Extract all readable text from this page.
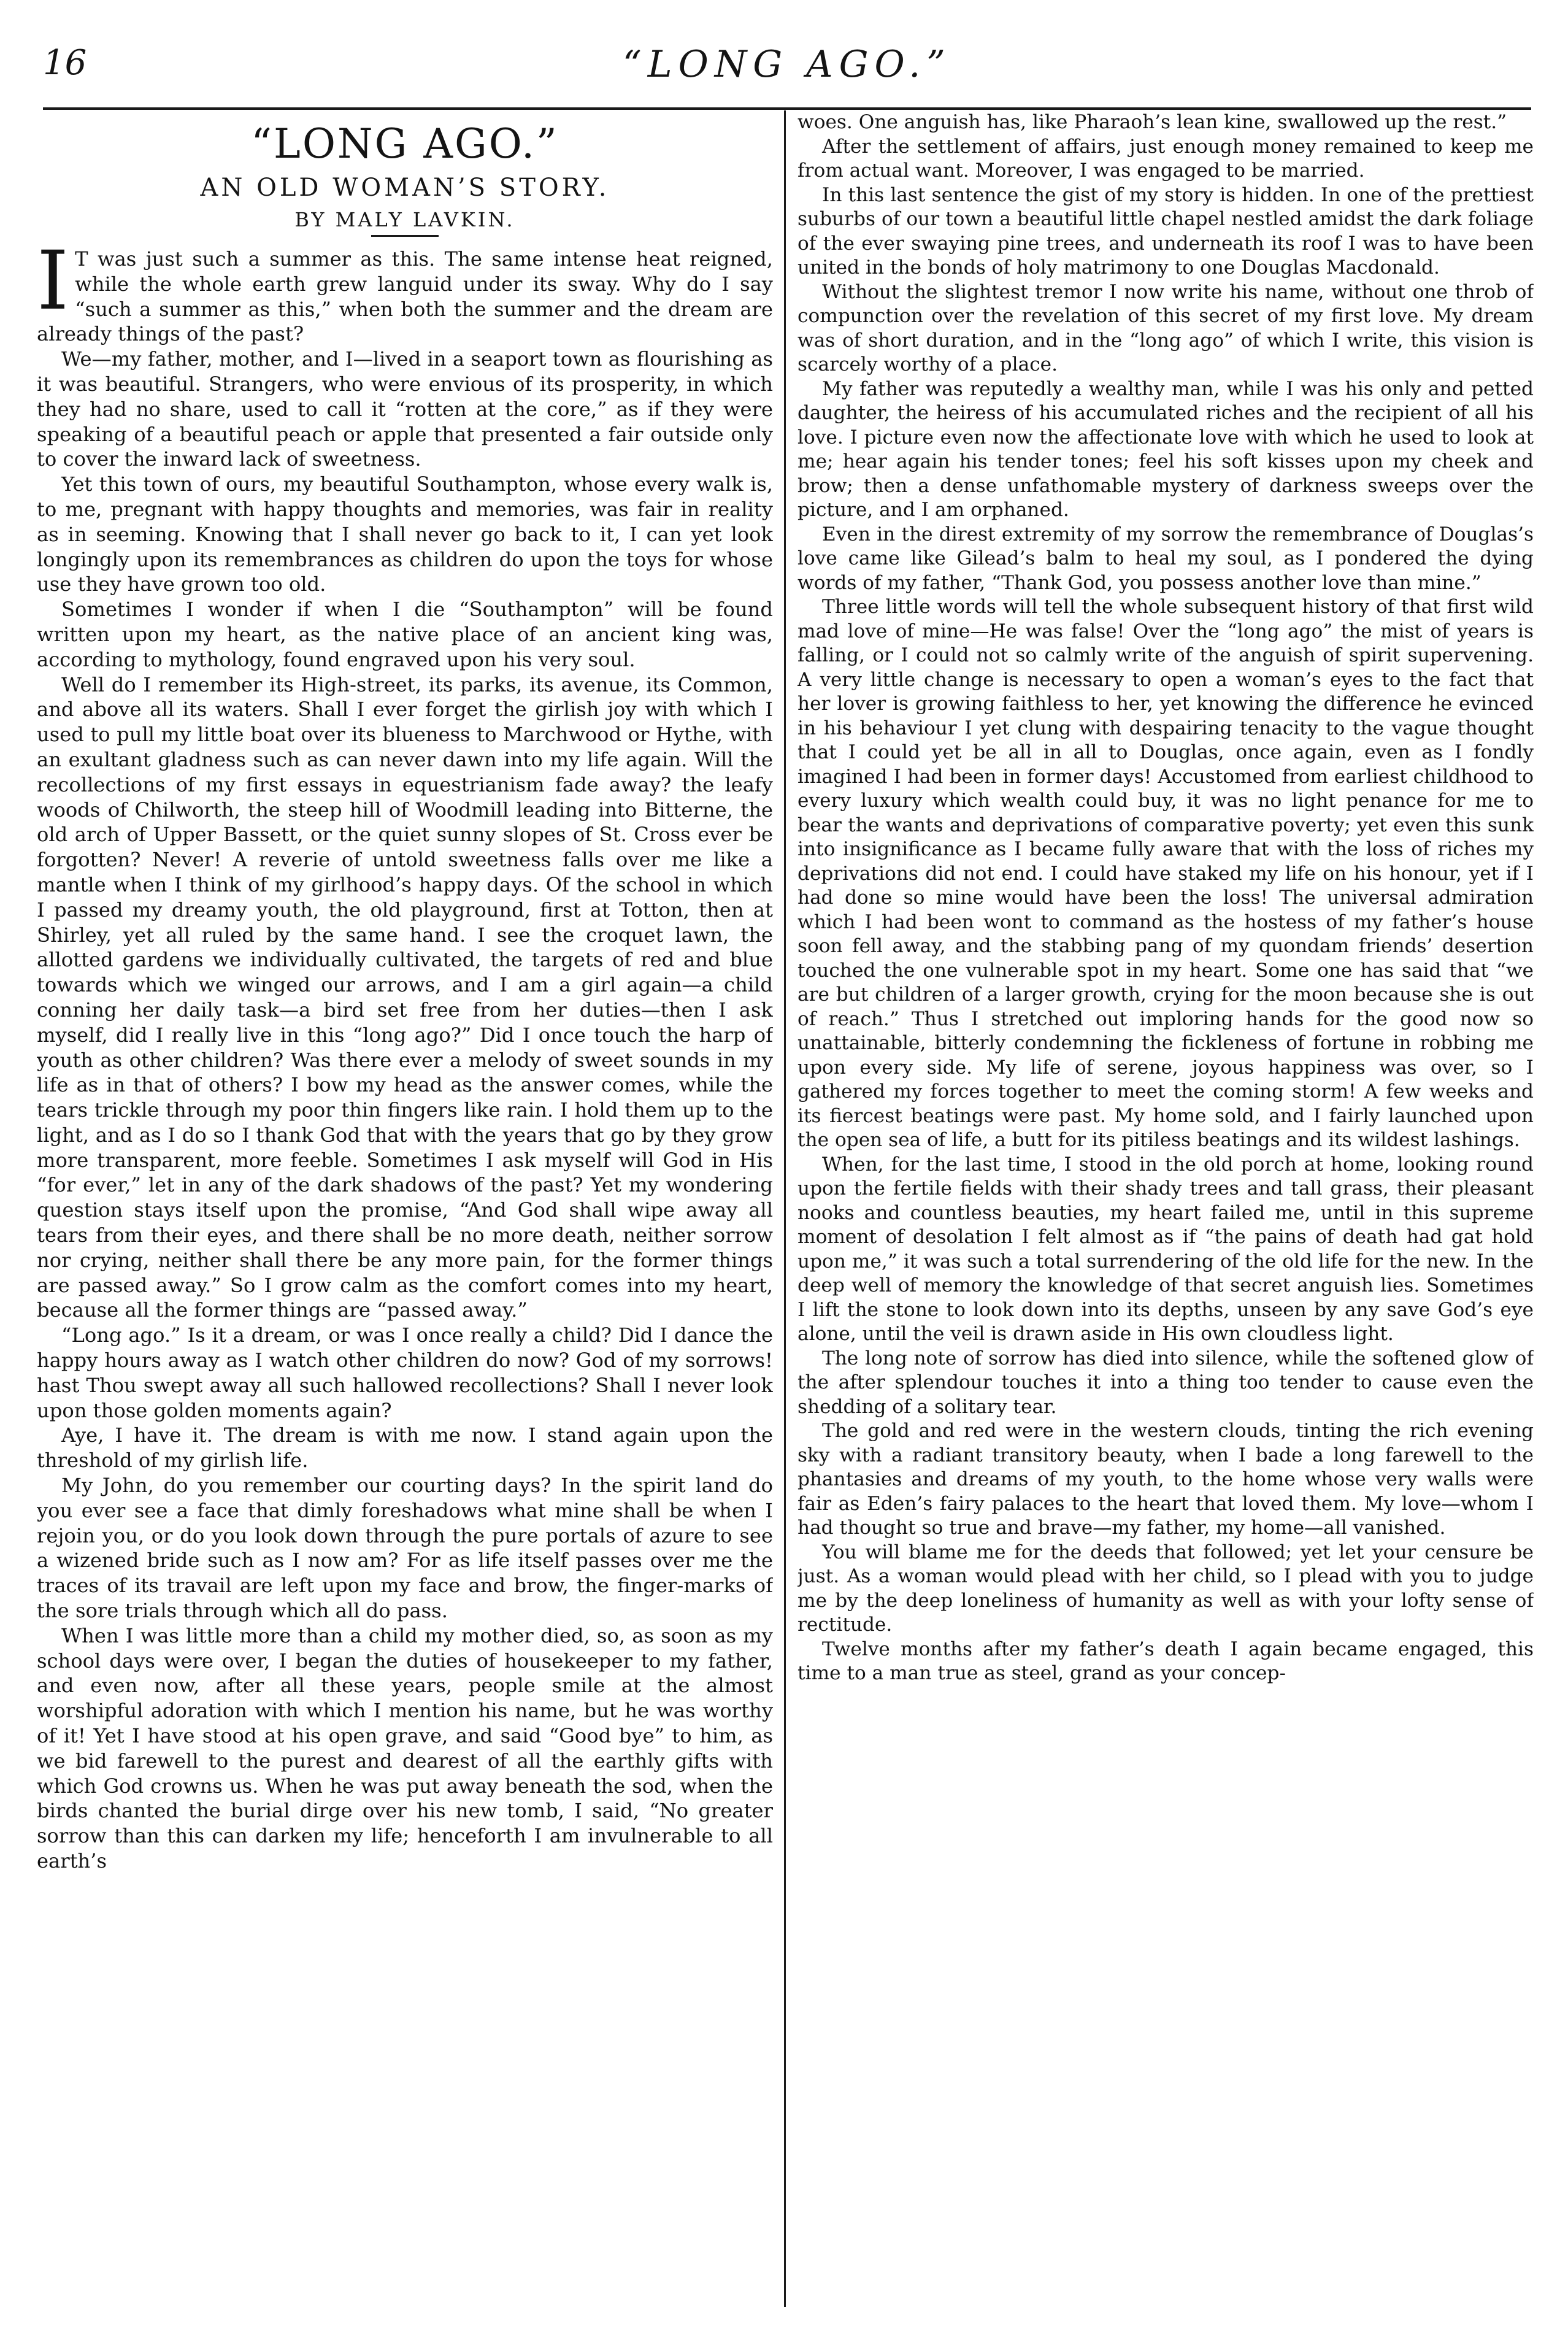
16	“LONG AGO.”
“LONG AGO.”
AN OLD WOMAN’S STORY.
BY MALY LAVKIN.

I T was just such a summer as this. The same intense heat reigned, while the whole earth grew languid under its sway. Why do I say “such a summer as this,” when both the summer and the dream are already things of the past?

We—my father, mother, and I—lived in a seaport town as flourishing as it was beautiful. Strangers, who were envious of its prosperity, in which they had no share, used to call it “rotten at the core,” as if they were speaking of a beautiful peach or apple that presented a fair outside only to cover the inward lack of sweetness.

Yet this town of ours, my beautiful Southampton, whose every walk is, to me, pregnant with happy thoughts and memories, was fair in reality as in seeming. Knowing that I shall never go back to it, I can yet look longingly upon its remembrances as children do upon the toys for whose use they have grown too old.

Sometimes I wonder if when I die “Southampton” will be found written upon my heart, as the native place of an ancient king was, according to mythology, found engraved upon his very soul.

Well do I remember its High-street, its parks, its avenue, its Common, and above all its waters. Shall I ever forget the girlish joy with which I used to pull my little boat over its blueness to Marchwood or Hythe, with an exultant gladness such as can never dawn into my life again. Will the recollections of my first essays in equestrianism fade away? the leafy woods of Chilworth, the steep hill of Woodmill leading into Bitterne, the old arch of Upper Bassett, or the quiet sunny slopes of St. Cross ever be forgotten? Never! A reverie of untold sweetness falls over me like a mantle when I think of my girlhood’s happy days. Of the school in which I passed my dreamy youth, the old playground, first at Totton, then at Shirley, yet all ruled by the same hand. I see the croquet lawn, the allotted gardens we individually cultivated, the targets of red and blue towards which we winged our arrows, and I am a girl again—a child conning her daily task—a bird set free from her duties—then I ask myself, did I really live in this “long ago?” Did I once touch the harp of youth as other children? Was there ever a melody of sweet sounds in my life as in that of others? I bow my head as the answer comes, while the tears trickle through my poor thin fingers like rain. I hold them up to the light, and as I do so I thank God that with the years that go by they grow more transparent, more feeble. Sometimes I ask myself will God in His “for ever,” let in any of the dark shadows of the past? Yet my wondering question stays itself upon the promise, “And God shall wipe away all tears from their eyes, and there shall be no more death, neither sorrow nor crying, neither shall there be any more pain, for the former things are passed away.” So I grow calm as the comfort comes into my heart, because all the former things are “passed away.”

“Long ago.” Is it a dream, or was I once really a child? Did I dance the happy hours away as I watch other children do now? God of my sorrows! hast Thou swept away all such hallowed recollections? Shall I never look upon those golden moments again?

Aye, I have it. The dream is with me now. I stand again upon the threshold of my girlish life.

My John, do you remember our courting days? In the spirit land do you ever see a face that dimly foreshadows what mine shall be when I rejoin you, or do you look down through the pure portals of azure to see a wizened bride such as I now am? For as life itself passes over me the traces of its travail are left upon my face and brow, the finger-marks of the sore trials through which all do pass.

When I was little more than a child my mother died, so, as soon as my school days were over, I began the duties of housekeeper to my father, and even now, after all these years, people smile at the almost worshipful adoration with which I mention his name, but he was worthy of it! Yet I have stood at his open grave, and said “Good bye” to him, as we bid farewell to the purest and dearest of all the earthly gifts with which God crowns us. When he was put away beneath the sod, when the birds chanted the burial dirge over his new tomb, I said, “No greater sorrow than this can darken my life; henceforth I am invulnerable to all earth’s

woes. One anguish has, like Pharaoh’s lean kine, swallowed up the rest.”

After the settlement of affairs, just enough money remained to keep me from actual want. Moreover, I was engaged to be married.

In this last sentence the gist of my story is hidden. In one of the prettiest suburbs of our town a beautiful little chapel nestled amidst the dark foliage of the ever swaying pine trees, and underneath its roof I was to have been united in the bonds of holy matrimony to one Douglas Macdonald.

Without the slightest tremor I now write his name, without one throb of compunction over the revelation of this secret of my first love. My dream was of short duration, and in the “long ago” of which I write, this vision is scarcely worthy of a place.

My father was reputedly a wealthy man, while I was his only and petted daughter, the heiress of his accumulated riches and the recipient of all his love. I picture even now the affectionate love with which he used to look at me; hear again his tender tones; feel his soft kisses upon my cheek and brow; then a dense unfathomable mystery of darkness sweeps over the picture, and I am orphaned.

Even in the direst extremity of my sorrow the remembrance of Douglas’s love came like Gilead’s balm to heal my soul, as I pondered the dying words of my father, “Thank God, you possess another love than mine.”

Three little words will tell the whole subsequent history of that first wild mad love of mine—He was false! Over the “long ago” the mist of years is falling, or I could not so calmly write of the anguish of spirit supervening. A very little change is necessary to open a woman’s eyes to the fact that her lover is growing faithless to her, yet knowing the difference he evinced in his behaviour I yet clung with despairing tenacity to the vague thought that I could yet be all in all to Douglas, once again, even as I fondly imagined I had been in former days! Accustomed from earliest childhood to every luxury which wealth could buy, it was no light penance for me to bear the wants and deprivations of comparative poverty; yet even this sunk into insignificance as I became fully aware that with the loss of riches my deprivations did not end. I could have staked my life on his honour, yet if I had done so mine would have been the loss! The universal admiration which I had been wont to command as the hostess of my father’s house soon fell away, and the stabbing pang of my quondam friends’ desertion touched the one vulnerable spot in my heart. Some one has said that “we are but children of a larger growth, crying for the moon because she is out of reach.” Thus I stretched out imploring hands for the good now so unattainable, bitterly condemning the fickleness of fortune in robbing me upon every side. My life of serene, joyous happiness was over, so I gathered my forces together to meet the coming storm! A few weeks and its fiercest beatings were past. My home sold, and I fairly launched upon the open sea of life, a butt for its pitiless beatings and its wildest lashings.

When, for the last time, I stood in the old porch at home, looking round upon the fertile fields with their shady trees and tall grass, their pleasant nooks and countless beauties, my heart failed me, until in this supreme moment of desolation I felt almost as if “the pains of death had gat hold upon me,” it was such a total surrendering of the old life for the new. In the deep well of memory the knowledge of that secret anguish lies. Sometimes I lift the stone to look down into its depths, unseen by any save God’s eye alone, until the veil is drawn aside in His own cloudless light.

The long note of sorrow has died into silence, while the softened glow of the after splendour touches it into a thing too tender to cause even the shedding of a solitary tear.

The gold and red were in the western clouds, tinting the rich evening sky with a radiant transitory beauty, when I bade a long farewell to the phantasies and dreams of my youth, to the home whose very walls were fair as Eden’s fairy palaces to the heart that loved them. My love—whom I had thought so true and brave—my father, my home—all vanished.

You will blame me for the deeds that followed; yet let your censure be just. As a woman would plead with her child, so I plead with you to judge me by the deep loneliness of humanity as well as with your lofty sense of rectitude.

Twelve months after my father’s death I again became engaged, this time to a man true as steel, grand as your concep-
